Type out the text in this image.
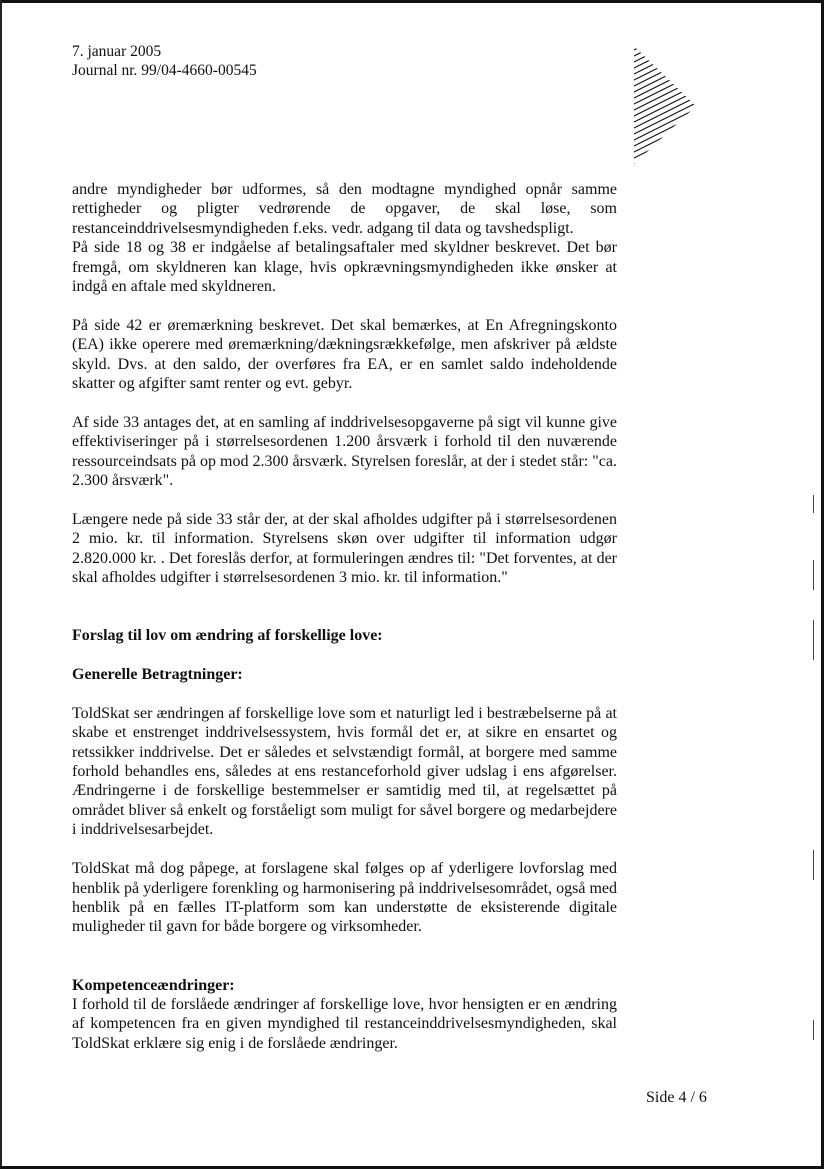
7. januar 2005
Journal nr. 99/04-4660-00545

andre myndigheder bør udformes, så den modtagne myndighed opnår samme rettigheder og pligter vedrørende de opgaver, de skal løse, som restanceinddrivelsesmyndigheden f.eks. vedr. adgang til data og tavshedspligt.

På side 18 og 38 er indgåelse af betalingsaftaler med skyldner beskrevet. Det bør fremgå, om skyldneren kan klage, hvis opkrævningsmyndigheden ikke ønsker at indgå en aftale med skyldneren.

På side 42 er øremærkning beskrevet. Det skal bemærkes, at En Afregningskonto (EA) ikke operere med øremærkning/dækningsrækkefølge, men afskriver på ældste skyld. Dvs. at den saldo, der overføres fra EA, er en samlet saldo indeholdende skatter og afgifter samt renter og evt. gebyr.

Af side 33 antages det, at en samling af inddrivelsesopgaverne på sigt vil kunne give effektiviseringer på i størrelsesordenen 1.200 årsværk i forhold til den nuværende ressourceindsats på op mod 2.300 årsværk. Styrelsen foreslår, at der i stedet står: "ca. 2.300 årsværk".

Længere nede på side 33 står der, at der skal afholdes udgifter på i størrelsesordenen 2 mio. kr. til information. Styrelsens skøn over udgifter til information udgør 2.820.000 kr. . Det foreslås derfor, at formuleringen ændres til: "Det forventes, at der skal afholdes udgifter i størrelsesordenen 3 mio. kr. til information."

Forslag til lov om ændring af forskellige love:

Generelle Betragtninger:

ToldSkat ser ændringen af forskellige love som et naturligt led i bestræbelserne på at skabe et enstrenget inddrivelsessystem, hvis formål det er, at sikre en ensartet og retssikker inddrivelse. Det er således et selvstændigt formål, at borgere med samme forhold behandles ens, således at ens restanceforhold giver udslag i ens afgørelser. Ændringerne i de forskellige bestemmelser er samtidig med til, at regelsættet på området bliver så enkelt og forståeligt som muligt for såvel borgere og medarbejdere i inddrivelsesarbejdet.

ToldSkat må dog påpege, at forslagene skal følges op af yderligere lovforslag med henblik på yderligere forenkling og harmonisering på inddrivelsesområdet, også med henblik på en fælles IT-platform som kan understøtte de eksisterende digitale muligheder til gavn for både borgere og virksomheder.

Kompetenceændringer:

I forhold til de forslåede ændringer af forskellige love, hvor hensigten er en ændring af kompetencen fra en given myndighed til restanceinddrivelsesmyndigheden, skal ToldSkat erklære sig enig i de forslåede ændringer.

Side 4 / 6
